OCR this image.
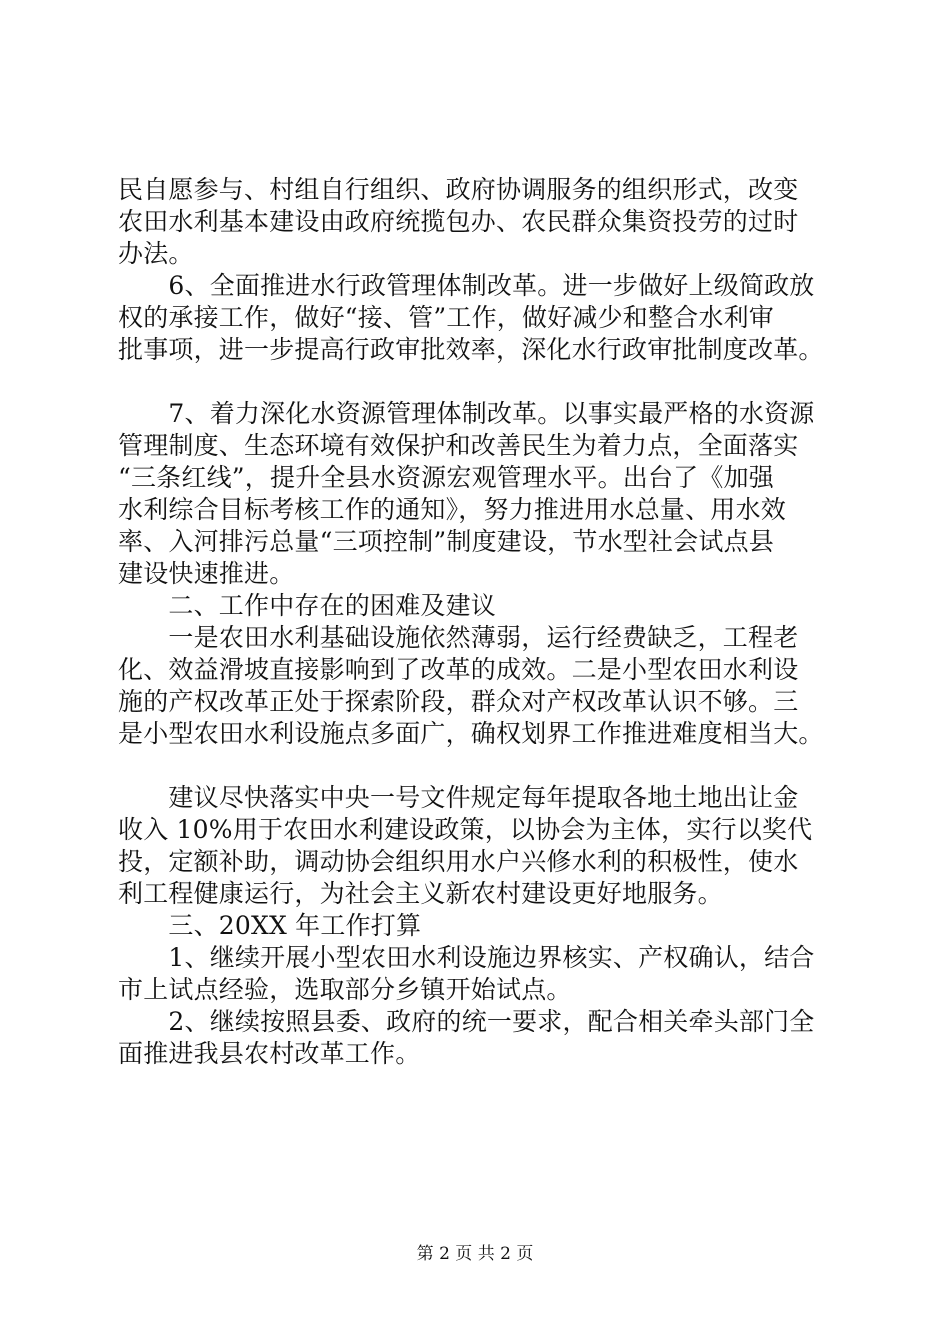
民自愿参与、村组自行组织、政府协调服务的组织形式，改变
农田水利基本建设由政府统揽包办、农民群众集资投劳的过时
办法。
　　6、全面推进水行政管理体制改革。进一步做好上级简政放
权的承接工作，做好“接、管”工作，做好减少和整合水利审
批事项，进一步提高行政审批效率，深化水行政审批制度改革。
　　7、着力深化水资源管理体制改革。以事实最严格的水资源
管理制度、生态环境有效保护和改善民生为着力点，全面落实
“三条红线”，提升全县水资源宏观管理水平。出台了《加强
水利综合目标考核工作的通知》，努力推进用水总量、用水效
率、入河排污总量“三项控制”制度建设，节水型社会试点县
建设快速推进。
　　二、工作中存在的困难及建议
　　一是农田水利基础设施依然薄弱，运行经费缺乏，工程老
化、效益滑坡直接影响到了改革的成效。二是小型农田水利设
施的产权改革正处于探索阶段，群众对产权改革认识不够。三
是小型农田水利设施点多面广，确权划界工作推进难度相当大。
　　建议尽快落实中央一号文件规定每年提取各地土地出让金
收入 10%用于农田水利建设政策，以协会为主体，实行以奖代
投，定额补助，调动协会组织用水户兴修水利的积极性，使水
利工程健康运行，为社会主义新农村建设更好地服务。
　　三、20XX 年工作打算
　　1、继续开展小型农田水利设施边界核实、产权确认，结合
市上试点经验，选取部分乡镇开始试点。
　　2、继续按照县委、政府的统一要求，配合相关牵头部门全
面推进我县农村改革工作。
第 2 页 共 2 页
